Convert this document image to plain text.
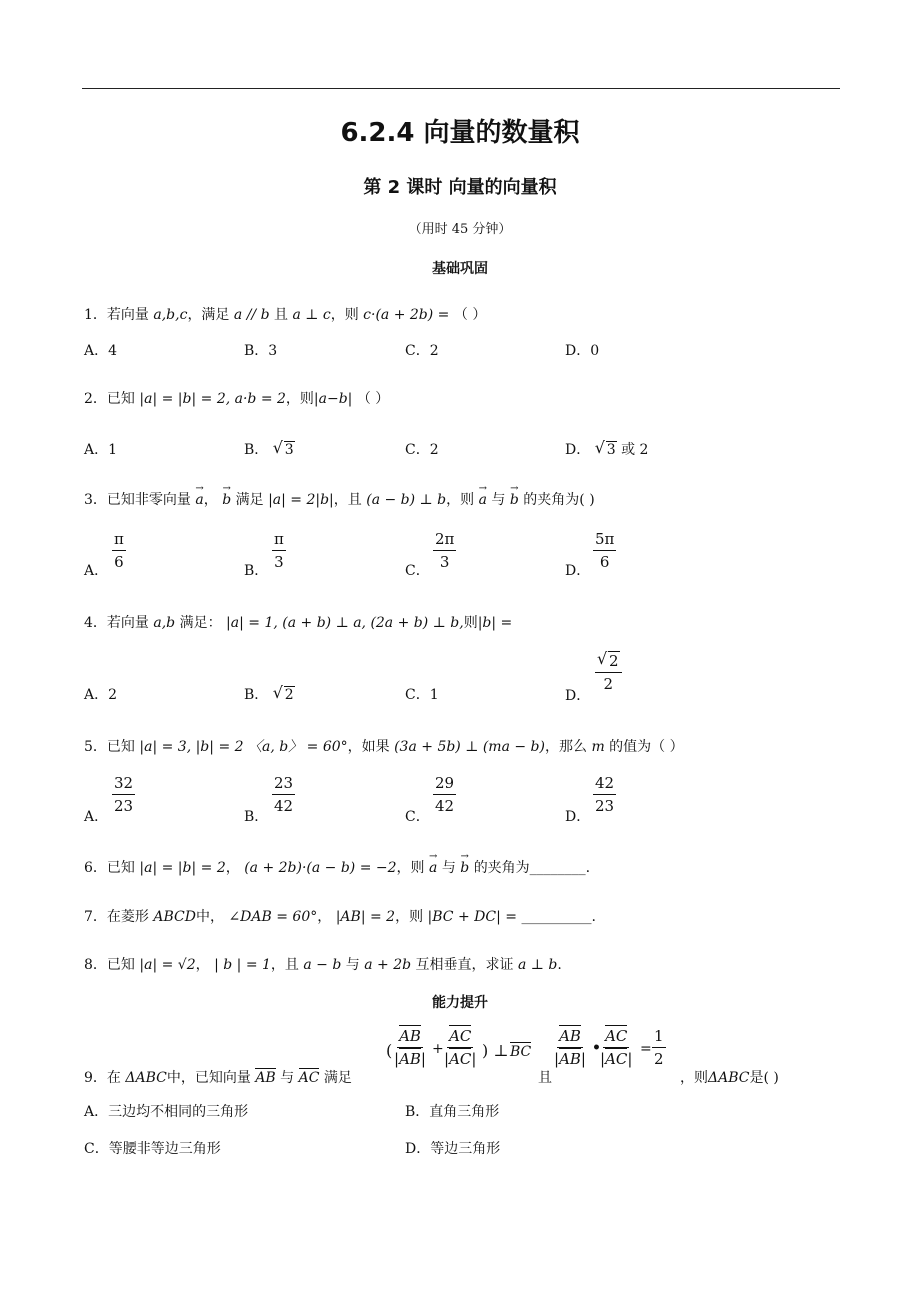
6.2.4 向量的数量积
第 2 课时 向量的向量积
（用时 45 分钟）
基础巩固
1．若向量 a,b,c，满足 a // b 且 a ⊥ c，则 c·(a + 2b) = （ ）
A．4	B．3	C．2	D．0
2．已知 |a| = |b| = 2, a·b = 2，则|a−b| （ ）
A．1	B． √ 3	C．2	D． √ 3 或 2
3．已知非零向量 → a， → b 满足 |a| = 2|b|，且 (a − b) ⊥ b，则 → a 与 → b 的夹角为( )
A． $\frac{\pi}{6}$	B． $\frac{\pi}{3}$	C． $\frac{2\pi}{3}$	D． $\frac{5\pi}{6}$
4．若向量 a,b 满足： |a| = 1, (a + b) ⊥ a, (2a + b) ⊥ b,则|b| =
A．2	B． √ 2	C．1	D．
√ $\frac{2}{2}$
5．已知 |a| = 3, |b| = 2 〈a, b〉 = 60°，如果 (3a + 5b) ⊥ (ma − b)，那么 m 的值为（ ）
A．
$\frac{32}{23}$
B．
$\frac{23}{42}$
C．
$\frac{29}{42}$
D．
$\frac{42}{23}$
6．已知 |a| = |b| = 2， (a + 2b)·(a − b) = −2，则 → a 与 → b 的夹角为________.
7．在菱形 ABCD中， ∠DAB = 60°， |AB| = 2，则 |BC + DC| = __________.
8．已知 |a| = √2， | b | = 1，且 a − b 与 a + 2b 互相垂直，求证 a ⊥ b.
能力提升
9．在 ΔABC中，已知向量 AB 与 AC 满足
( $\frac{AB}{|AB|} + \frac{AC}{|AC|}$ ) ⊥ BC
且
$\frac{AB}{|AB|}$ • $\frac{AC}{|AC|} = \frac{1}{2}$
，则ΔABC是( )
A．三边均不相同的三角形	B．直角三角形
C．等腰非等边三角形	D．等边三角形
